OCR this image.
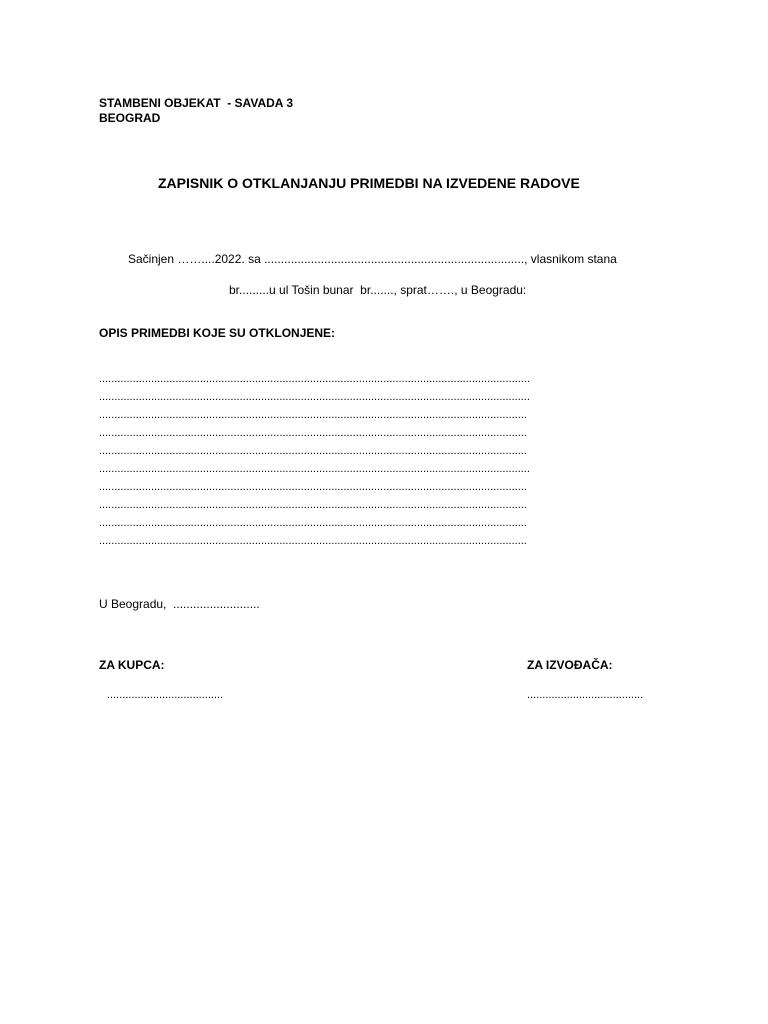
STAMBENI OBJEKAT  - SAVADA 3

BEOGRAD

ZAPISNIK O OTKLANJANJU PRIMEDBI NA IZVEDENE RADOVE

Sačinjen ……....2022. sa .............................................................................., vlasnikom stana

br.........u ul Tošin bunar  br......., sprat……., u Beogradu:

OPIS PRIMEDBI KOJE SU OTKLONJENE:

.............................................................................................................................................

.............................................................................................................................................

............................................................................................................................................

............................................................................................................................................

............................................................................................................................................

.............................................................................................................................................

............................................................................................................................................

............................................................................................................................................

............................................................................................................................................

............................................................................................................................................

U Beogradu,  ..........................

ZA KUPCA:

......................................

ZA IZVOĐAČA:

......................................
